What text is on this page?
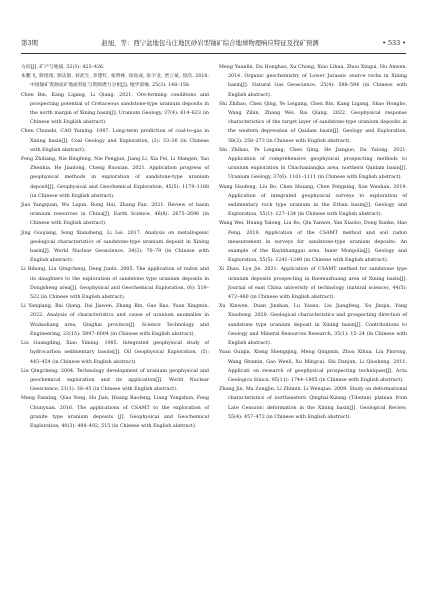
第3期	赵旭，等：西宁盆地包马庄地区砂岩型铀矿综合地球物理响应特征及找矿预测	• 533 •

方向[J]. 矿产与地质, 32(3): 423–426.

朱鹏飞, 蔡煜琦, 郭庆银, 刘武生, 李建红, 张明林, 徐高成, 张字龙, 贾立斌, 徐浩. 2018. 中国铀矿资源成矿地质特征与资源潜力分析[J]. 地学前缘, 25(3): 148–158.

Chen Bin, Kang Ligang, Li Qiang. 2021. Ore-forming conditions and prospecting potential of Cretaceous sandstone-type uranium deposits in the north margin of Xining basin[J]. Uranium Geology, 37(4): 614–623 (in Chinese with English abstract).

Chen Chunshi, CAO Yuming. 1987. Long-term prediction of coal-to-gas in Xining basin[J]. Coal Geology and Exploration, (2): 33–36 (in Chinese with English abstract).

Feng Zhiliang, Nie Bingfeng, Nie Fengjun, Jiang Li, Xia Fei, Li Mangen, Yao Zhenhia, He Jianlong, Cheng Ruoxian. 2021. Application progress of geophysical methods in exploration of sandstone-type uranium deposit[J]. Geophysical and Geochemical Exploration, 45(5): 1179–1188 (in Chinese with English abstract).

Jiao Yangquan, Wu Liqun, Rong Hui, Zhang Fan. 2021. Review of basin uranium resources in China[J]. Earth Science, 46(8): 2675–2696 (in Chinese with English abstract).

Jing Guojiang, Song Xiansheng, Li Lei. 2017. Analysis on metallogenic geological characteristics of sandstone-type uranium deposit in Xining basin[J]. World Nuclear Geoscience, 34(2): 70–79 (in Chinese with English abstract).

Li Bihong, Liu Qingcheng, Deng Junbi. 2005. The application of radon and its daughters to the exploration of sandstone type uranium deposits in Dongsheng area[J]. Geophysical and Geochemical Exploration, (6): 519–522 (in Chinese with English abstract).

Li Yanqiang, Bai Qiang, Dai Jiawen, Zhang Bin, Guo Bao, Yuan Xingmin. 2022. Analysis of characteristics and cause of uranium anomalies in Wudaoliang area, Qinghai province[J]. Science Technology and Engineering, 22(15): 5997–6004 (in Chinese with English abstract).

Liu Guangding, Xiao Yiming. 1985. Integrated geophysical study of hydrocarbon sedimentary basins[J]. Oil Geophysical Exploration, (5): 445–454 (in Chinese with English abstract).

Liu Qingcheng. 2004. Technology development of uranium geophysical and geochemical exploration and its application[J]. World Nuclear Geoscience, 21(1): 38–45 (in Chinese with English abstract).

Meng Fanxing, Qiao Yong, Hu Jian, Huang Baofeng, Liang Yongshun, Feng Chunyuan. 2016. The applications of CSAMT to the exploration of granite type uranium deposits [J]. Geophysical and Geochemical Exploration, 40(3): 488–492, 515 (in Chinese with English abstract).

Meng Yuanlin, Du Honghao, Xu Chong, Xiao Lihua, Zhou Xingui, Hu Anwen. 2014. Organic geochemistry of Lower Jurassic source rocks in Xining basin[J]. Natural Gas Geoscience, 25(4): 588–594 (in Chinese with English abstract).

Shi Zhihao, Chen Qing, Ye Leigang, Chen Bin, Kang Ligang, Shao Hongbo, Wang Zibin, Zhang Wei, Bai Qiang. 2022. Geophysical response characteristics of the target layer of sandstone-type uranium deposits in the western depression of Qaidam basin[J]. Geology and Exploration, 58(2): 258–273 (in Chinese with English abstract).

Shi Zhihao, Ye Leigang, Chen Qing, He Jianguo, Du Yalong. 2021. Application of comprehensive geophysical prospecting methods to uranium exploration in Chachaxiangka area, northern Qaidam basin[J]. Uranium Geology, 37(6): 1101–1111 (in Chinese with English abstract).

Wang Haofeng, Liu Bo, Chen Shuang, Chen Fengxing, Xue Wenhan. 2019. Application of integrated geophysical surveys to exploration of sedimentary rock type uranium in the Erlian basin[J]. Geology and Exploration, 55(1): 127–134 (in Chinese with English abstract).

Wang Wei, Huang Yalong, Liu Bo, Qin Yanwei, Yan Xiaobo, Dong Xunke, Hao Peng. 2019. Application of the CSAMT method and soil radon measurement in surveys for sandstone-type uranium deposits: An example of the Bayinhanggai area, Inner Mongolia[J]. Geology and Exploration, 55(5): 1241–1249 (in Chinese with English abstract).

Xi Zhao, Lyu Jie. 2021. Application of CSAMT method for sandstone type uranium deposits prospecting in Baomuzhuang area of Xining basin[J]. Journal of east China university of technology (natural science), 44(5): 472–480 (in Chinese with English abstract).

Xu Xinwen, Duan Jinshan, Lu Yaoxu, Liu Jiangfeng, Xu Jinqiu, Yang Xiaohong. 2020. Geological characteristics and prospecting direction of sandstone type uranium deposit in Xining basin[J]. Contributions to Geology and Mineral Resources Research, 35(1): 15–24 (in Chinese with English abstract).

Yuan Guiqin, Xiong Shengqing, Meng Qingmin, Zhou Xihua, Liu Pinrong, Wang Shumin, Gao Wenli, Xu Mingcai, Shi Danjun, Li Qiusheng. 2011. Applicati on research of geophysical prospecting techniques[J]. Acta Geologica Sinica, 85(11): 1744–1805 (in Chinese with English abstract).

Zhang Jin, Ma Zongjin, Li Zhimin, Li Wenqiao. 2009. Study on deformational characteristics of northeastern Qinghai-Xizang (Tibetan) plateau from Late Cenozoic deformation in the Xining basin[J]. Geological Review, 55(4): 457–472 (in Chinese with English abstract).
